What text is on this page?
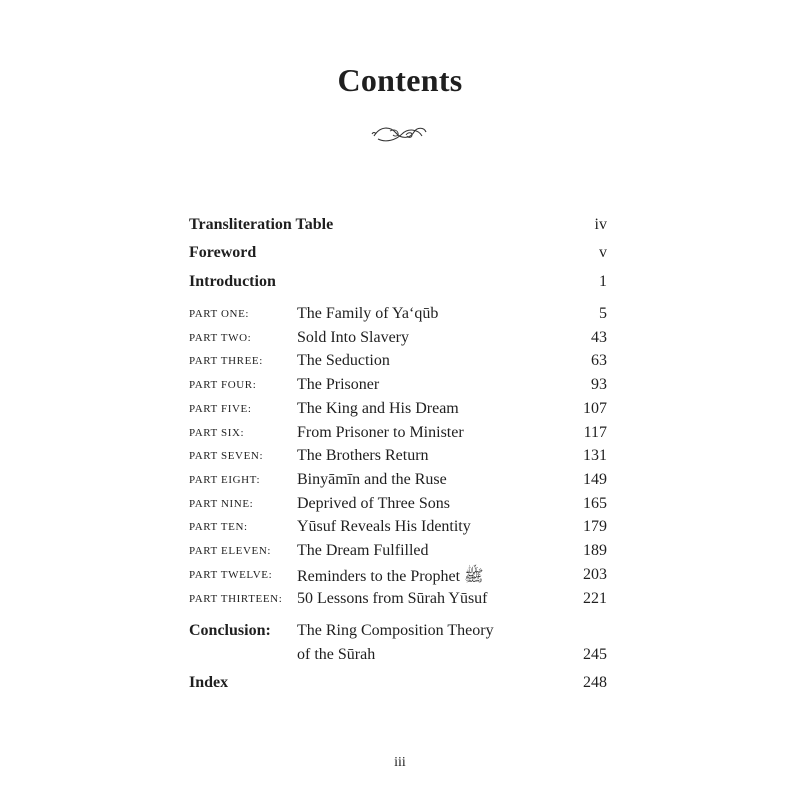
Contents
Transliteration Table	iv
Foreword	v
Introduction	1
PART ONE:	The Family of Ya‘qūb	5
PART TWO:	Sold Into Slavery	43
PART THREE: The Seduction	63
PART FOUR:	The Prisoner	93
PART FIVE:	The King and His Dream	107
PART SIX:	From Prisoner to Minister	117
PART SEVEN: The Brothers Return	131
PART EIGHT: Binyāmīn and the Ruse	149
PART NINE:	Deprived of Three Sons	165
PART TEN:	Yūsuf Reveals His Identity	179
PART ELEVEN: The Dream Fulfilled	189
PART TWELVE: Reminders to the Prophet ﷺ	203
PART THIRTEEN: 50 Lessons from Sūrah Yūsuf	221
Conclusion: The Ring Composition Theory
of the Sūrah	245
Index	248
iii
